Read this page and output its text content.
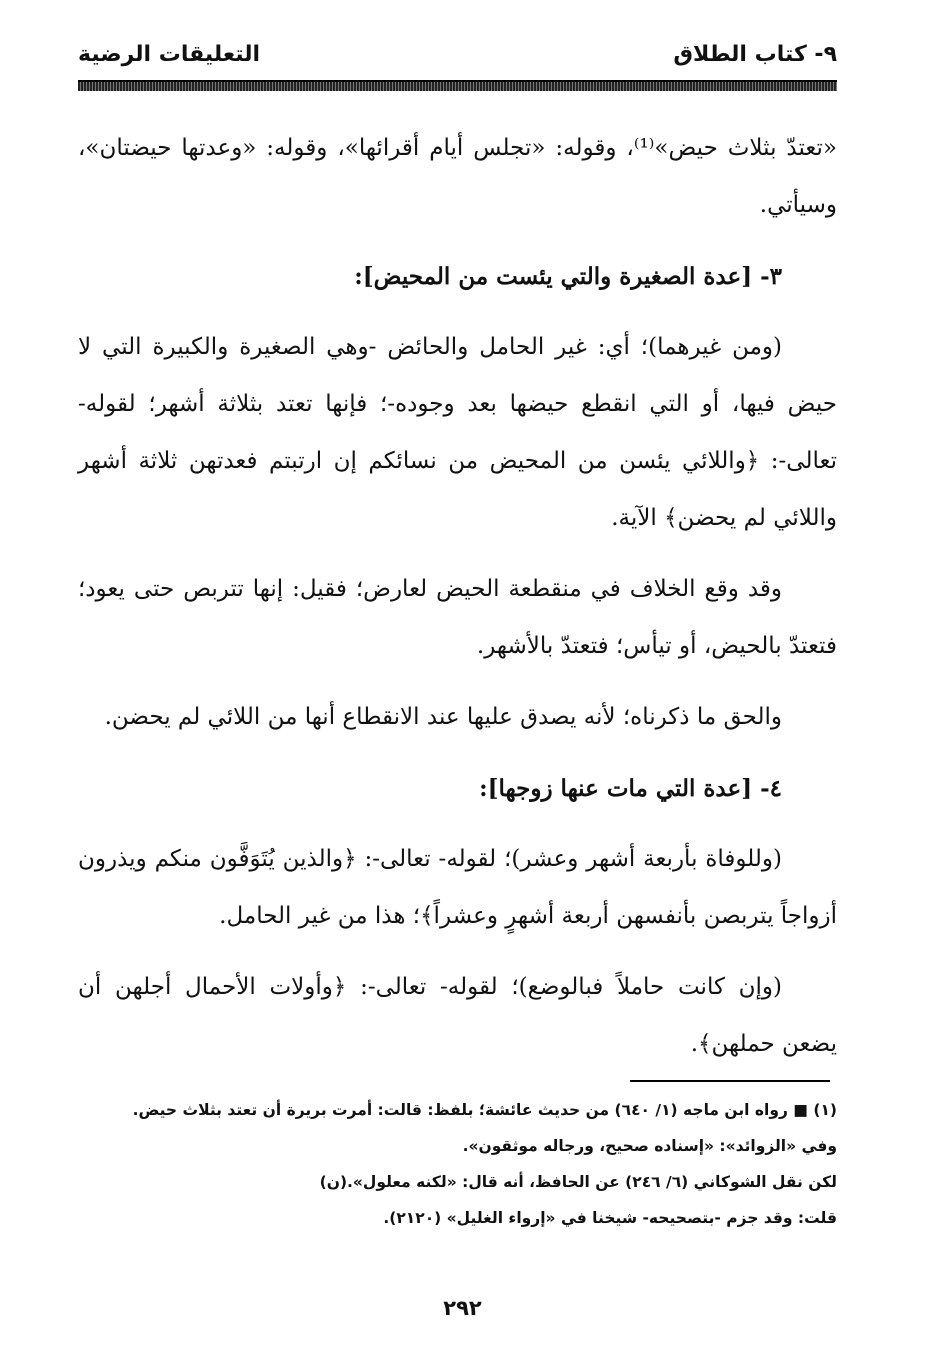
٩- كتاب الطلاق
التعليقات الرضية

«تعتدّ بثلاث حيض»⁽¹⁾، وقوله: «تجلس أيام أقرائها»، وقوله: «وعدتها حيضتان»، وسيأتي.

٣- [عدة الصغيرة والتي يئست من المحيض]:

(ومن غيرهما)؛ أي: غير الحامل والحائض -وهي الصغيرة والكبيرة التي لا حيض فيها، أو التي انقطع حيضها بعد وجوده-؛ فإنها تعتد بثلاثة أشهر؛ لقوله- تعالى-: ﴿واللائي يئسن من المحيض من نسائكم إن ارتبتم فعدتهن ثلاثة أشهر واللائي لم يحضن﴾ الآية.

وقد وقع الخلاف في منقطعة الحيض لعارض؛ فقيل: إنها تتربص حتى يعود؛ فتعتدّ بالحيض، أو تيأس؛ فتعتدّ بالأشهر.

والحق ما ذكرناه؛ لأنه يصدق عليها عند الانقطاع أنها من اللائي لم يحضن.

٤- [عدة التي مات عنها زوجها]:

(وللوفاة بأربعة أشهر وعشر)؛ لقوله- تعالى-: ﴿والذين يُتَوَفَّون منكم ويذرون أزواجاً يتربصن بأنفسهن أربعة أشهرٍ وعشراً﴾؛ هذا من غير الحامل.

(وإن كانت حاملاً فبالوضع)؛ لقوله- تعالى-: ﴿وأولات الأحمال أجلهن أن يضعن حملهن﴾.

(١) ■ رواه ابن ماجه (١/ ٦٤٠) من حديث عائشة؛ بلفظ: قالت: أمرت بريرة أن تعتد بثلاث حيض.
وفي «الزوائد»: «إسناده صحيح، ورجاله موثقون».
لكن نقل الشوكاني (٦/ ٢٤٦) عن الحافظ، أنه قال: «لكنه معلول».(ن)
قلت: وقد جزم -بتصحيحه- شيخنا في «إرواء الغليل» (٢١٢٠).
٢٩٢
